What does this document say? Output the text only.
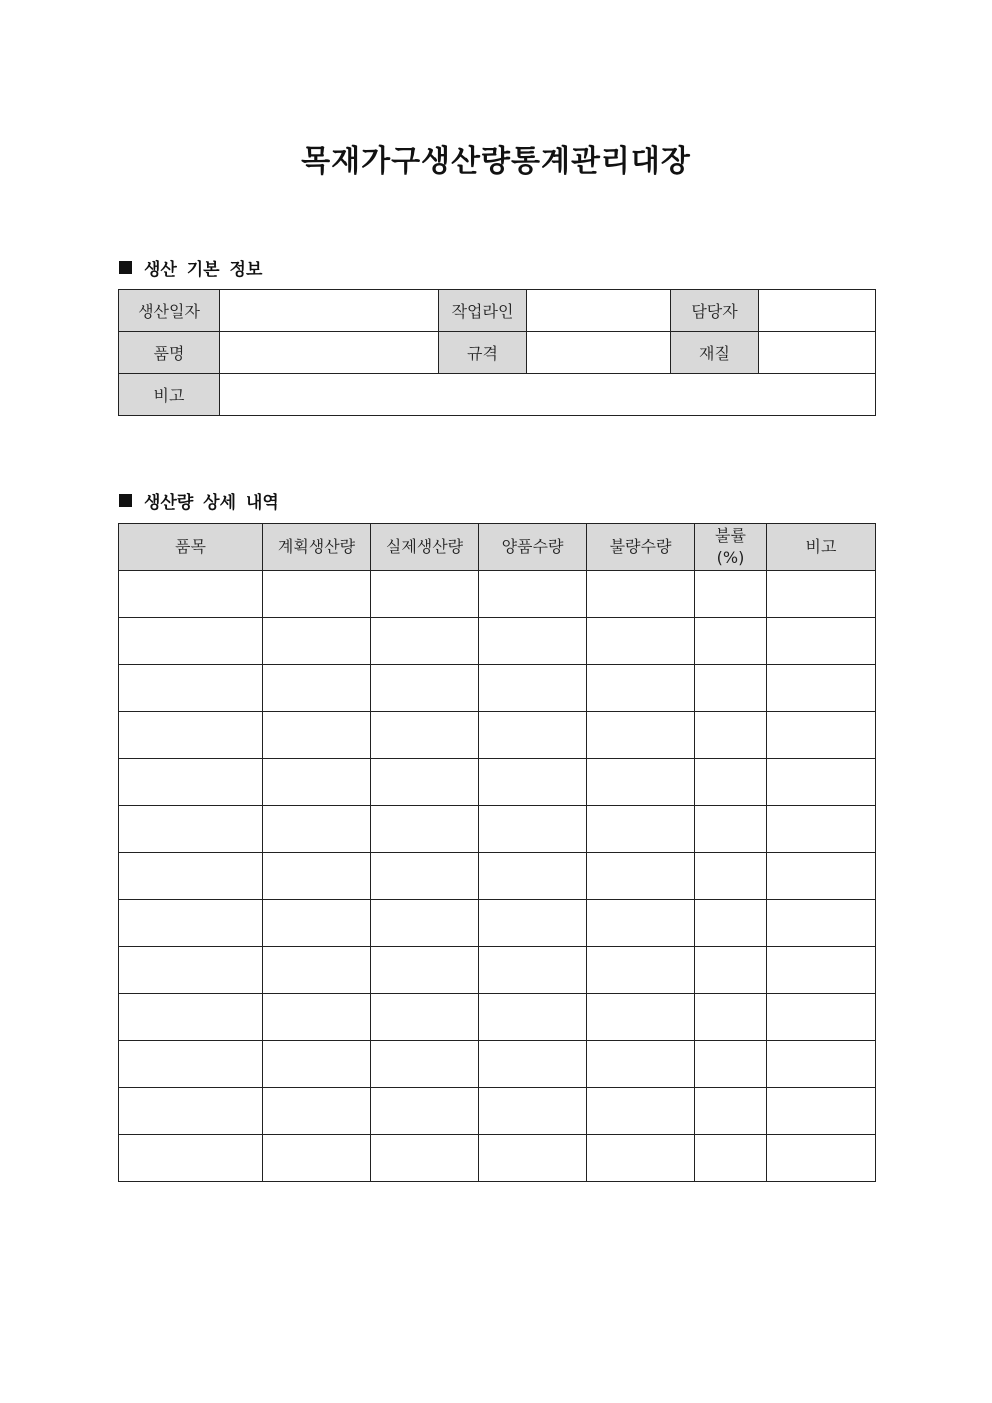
목재가구생산량통계관리대장
생산 기본 정보
생산일자		작업라인		담당자	
품명		규격		재질	
비고					
생산량 상세 내역
품목	계획생산량	실제생산량	양품수량	불량수량	불률(%)	비고
